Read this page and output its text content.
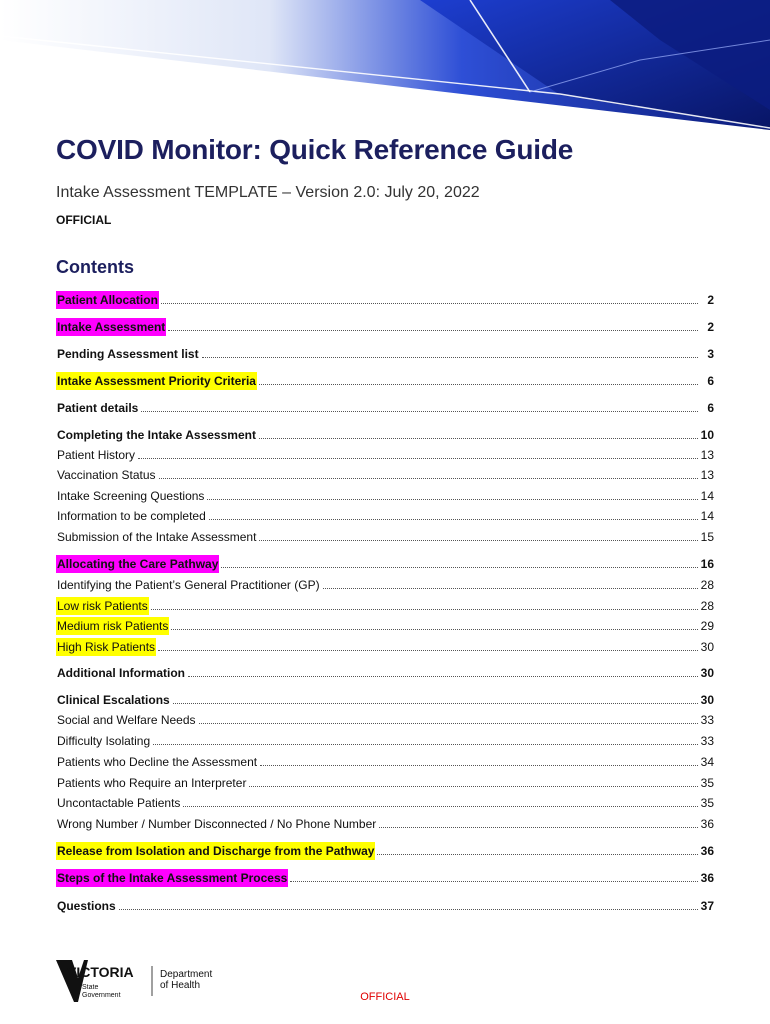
COVID Monitor: Quick Reference Guide
Intake Assessment TEMPLATE – Version 2.0: July 20, 2022
OFFICIAL
Contents
Patient Allocation	2
Intake Assessment	2
Pending Assessment list	3
Intake Assessment Priority Criteria	6
Patient details	6
Completing the Intake Assessment	10
Patient History	13
Vaccination Status	13
Intake Screening Questions	14
Information to be completed	14
Submission of the Intake Assessment	15
Allocating the Care Pathway	16
Identifying the Patient’s General Practitioner (GP)	28
Low risk Patients	28
Medium risk Patients	29
High Risk Patients	30
Additional Information	30
Clinical Escalations	30
Social and Welfare Needs	33
Difficulty Isolating	33
Patients who Decline the Assessment	34
Patients who Require an Interpreter	35
Uncontactable Patients	35
Wrong Number / Number Disconnected / No Phone Number	36
Release from Isolation and Discharge from the Pathway	36
Steps of the Intake Assessment Process	36
Questions	37
VICTORIA
State
Government
Department
of Health
OFFICIAL
